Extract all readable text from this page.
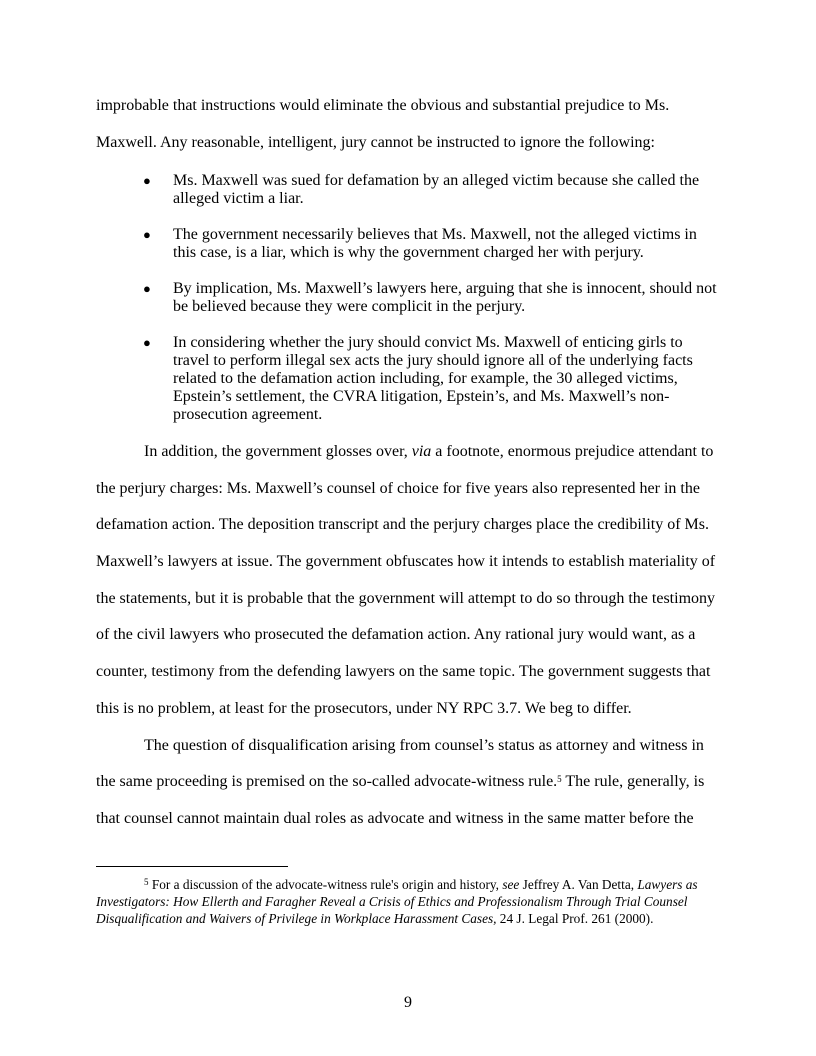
improbable that instructions would eliminate the obvious and substantial prejudice to Ms.

Maxwell. Any reasonable, intelligent, jury cannot be instructed to ignore the following:

● Ms. Maxwell was sued for defamation by an alleged victim because she called the alleged victim a liar.
● The government necessarily believes that Ms. Maxwell, not the alleged victims in this case, is a liar, which is why the government charged her with perjury.
● By implication, Ms. Maxwell’s lawyers here, arguing that she is innocent, should not be believed because they were complicit in the perjury.
● In considering whether the jury should convict Ms. Maxwell of enticing girls to travel to perform illegal sex acts the jury should ignore all of the underlying facts related to the defamation action including, for example, the 30 alleged victims, Epstein’s settlement, the CVRA litigation, Epstein’s, and Ms. Maxwell’s non-prosecution agreement.

In addition, the government glosses over, via a footnote, enormous prejudice attendant to

the perjury charges: Ms. Maxwell’s counsel of choice for five years also represented her in the

defamation action. The deposition transcript and the perjury charges place the credibility of Ms.

Maxwell’s lawyers at issue. The government obfuscates how it intends to establish materiality of

the statements, but it is probable that the government will attempt to do so through the testimony

of the civil lawyers who prosecuted the defamation action. Any rational jury would want, as a

counter, testimony from the defending lawyers on the same topic. The government suggests that

this is no problem, at least for the prosecutors, under NY RPC 3.7. We beg to differ.

The question of disqualification arising from counsel’s status as attorney and witness in

the same proceeding is premised on the so-called advocate-witness rule.$^5$ The rule, generally, is

that counsel cannot maintain dual roles as advocate and witness in the same matter before the

$^5$ For a discussion of the advocate-witness rule's origin and history, see Jeffrey A. Van Detta, Lawyers as Investigators: How Ellerth and Faragher Reveal a Crisis of Ethics and Professionalism Through Trial Counsel Disqualification and Waivers of Privilege in Workplace Harassment Cases, 24 J. Legal Prof. 261 (2000).

9
